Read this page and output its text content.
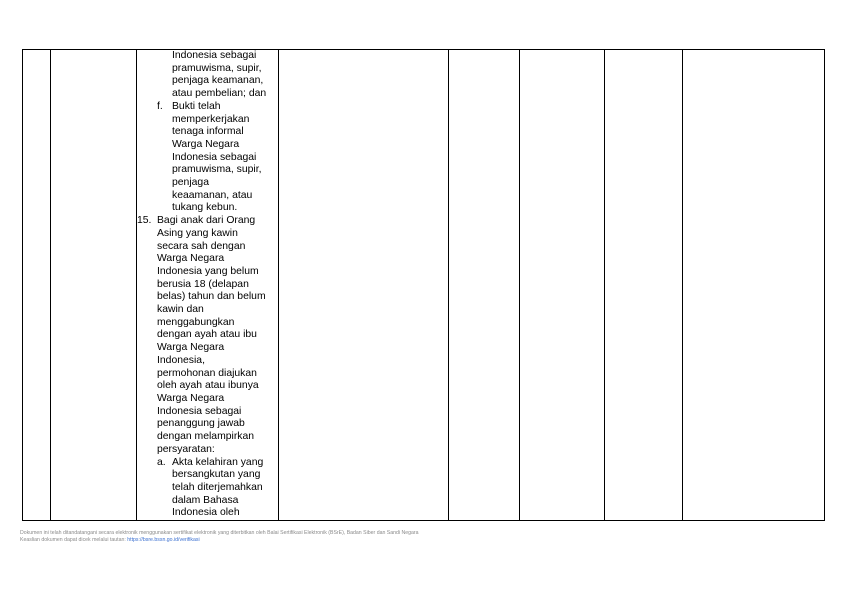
Indonesia sebagai
pramuwisma, supir,
penjaga keamanan,
atau pembelian; dan
f. Bukti telah
memperkerjakan
tenaga informal
Warga Negara
Indonesia sebagai
pramuwisma, supir,
penjaga
keaamanan, atau
tukang kebun.
15. Bagi anak dari Orang
Asing yang kawin
secara sah dengan
Warga Negara
Indonesia yang belum
berusia 18 (delapan
belas) tahun dan belum
kawin dan
menggabungkan
dengan ayah atau ibu
Warga Negara
Indonesia,
permohonan diajukan
oleh ayah atau ibunya
Warga Negara
Indonesia sebagai
penanggung jawab
dengan melampirkan
persyaratan:
a. Akta kelahiran yang
bersangkutan yang
telah diterjemahkan
dalam Bahasa
Indonesia oleh

Dokumen ini telah ditandatangani secara elektronik menggunakan sertifikat elektronik yang diterbitkan oleh Balai Sertifikasi Elektronik (BSrE), Badan Siber dan Sandi Negara
Keaslian dokumen dapat dicek melalui tautan: https://bsre.bssn.go.id/verifikasi
